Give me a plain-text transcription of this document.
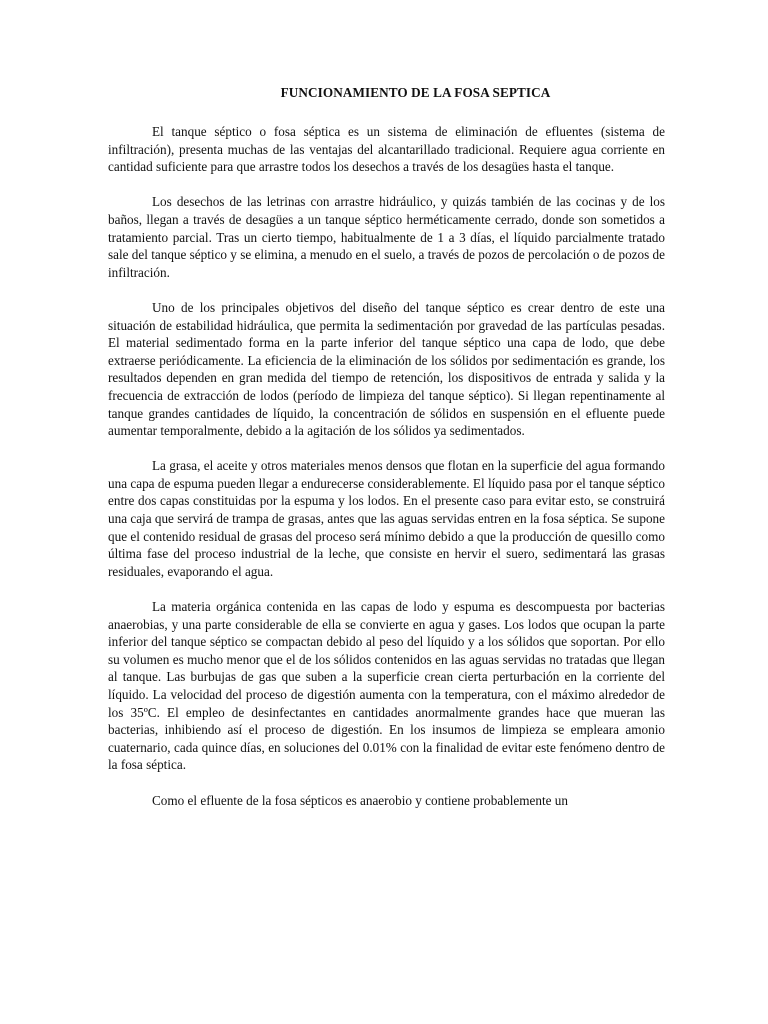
FUNCIONAMIENTO DE LA FOSA SEPTICA

El tanque séptico o fosa séptica es un sistema de eliminación de efluentes (sistema de infiltración), presenta muchas de las ventajas del alcantarillado tradicional. Requiere agua corriente en cantidad suficiente para que arrastre todos los desechos a través de los desagües hasta el tanque.

Los desechos de las letrinas con arrastre hidráulico, y quizás también de las cocinas y de los baños, llegan a través de desagües a un tanque séptico herméticamente cerrado, donde son sometidos a tratamiento parcial. Tras un cierto tiempo, habitualmente de 1 a 3 días, el líquido parcialmente tratado sale del tanque séptico y se elimina, a menudo en el suelo, a través de pozos de percolación o de pozos de infiltración.

Uno de los principales objetivos del diseño del tanque séptico es crear dentro de este una situación de estabilidad hidráulica, que permita la sedimentación por gravedad de las partículas pesadas. El material sedimentado forma en la parte inferior del tanque séptico una capa de lodo, que debe extraerse periódicamente. La eficiencia de la eliminación de los sólidos por sedimentación es grande, los resultados dependen en gran medida del tiempo de retención, los dispositivos de entrada y salida y la frecuencia de extracción de lodos (período de limpieza del tanque séptico). Si llegan repentinamente al tanque grandes cantidades de líquido, la concentración de sólidos en suspensión en el efluente puede aumentar temporalmente, debido a la agitación de los sólidos ya sedimentados.

La grasa, el aceite y otros materiales menos densos que flotan en la superficie del agua formando una capa de espuma pueden llegar a endurecerse considerablemente. El líquido pasa por el tanque séptico entre dos capas constituidas por la espuma y los lodos. En el presente caso para evitar esto, se construirá una caja que servirá de trampa de grasas, antes que las aguas servidas entren en la fosa séptica. Se supone que el contenido residual de grasas del proceso será mínimo debido a que la producción de quesillo como última fase del proceso industrial de la leche, que consiste en hervir el suero, sedimentará las grasas residuales, evaporando el agua.

La materia orgánica contenida en las capas de lodo y espuma es descompuesta por bacterias anaerobias, y una parte considerable de ella se convierte en agua y gases. Los lodos que ocupan la parte inferior del tanque séptico se compactan debido al peso del líquido y a los sólidos que soportan. Por ello su volumen es mucho menor que el de los sólidos contenidos en las aguas servidas no tratadas que llegan al tanque. Las burbujas de gas que suben a la superficie crean cierta perturbación en la corriente del líquido. La velocidad del proceso de digestión aumenta con la temperatura, con el máximo alrededor de los 35ºC. El empleo de desinfectantes en cantidades anormalmente grandes hace que mueran las bacterias, inhibiendo así el proceso de digestión. En los insumos de limpieza se empleara amonio cuaternario, cada quince días, en soluciones del 0.01% con la finalidad de evitar este fenómeno dentro de la fosa séptica.

Como el efluente de la fosa sépticos es anaerobio y contiene probablemente un
